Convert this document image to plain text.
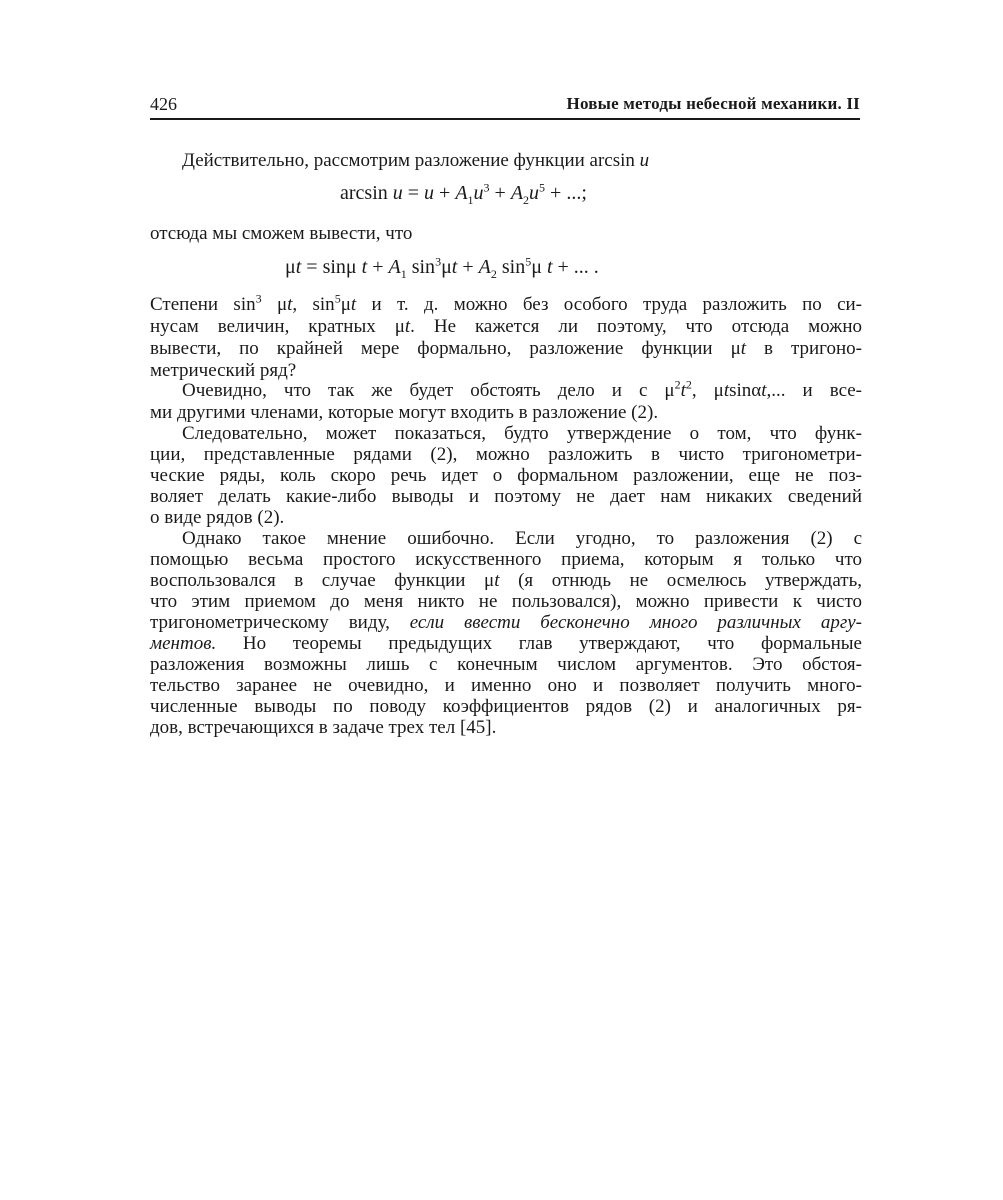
426	Новые методы небесной механики. II
Действительно, рассмотрим разложение функции arcsin u
$\arcsin u = u + A_1u^3 + A_2u^5$ + ...;
отсюда мы сможем вывести, что
μt = sinμ $t + A_1$ $\sin^3\mu t + A_2$ $\sin^5\mu$ t + ... .
Степени $\sin^3 \mu t$, $\sin^5\mu t$ и т. д. можно без особого труда разложить по си-
нусам величин, кратных μt. Не кажется ли поэтому, что отсюда можно
вывести, по крайней мере формально, разложение функции μt в тригоно-
метрический ряд?
Очевидно, что так же будет обстоять дело и с $\mu^2t^2$, μtsinαt,... и все-
ми другими членами, которые могут входить в разложение (2).
Следовательно, может показаться, будто утверждение о том, что функ-
ции, представленные рядами (2), можно разложить в чисто тригонометри-
ческие ряды, коль скоро речь идет о формальном разложении, еще не поз-
воляет делать какие-либо выводы и поэтому не дает нам никаких сведений
о виде рядов (2).
Однако такое мнение ошибочно. Если угодно, то разложения (2) с
помощью весьма простого искусственного приема, которым я только что
воспользовался в случае функции μt (я отнюдь не осмелюсь утверждать,
что этим приемом до меня никто не пользовался), можно привести к чисто
тригонометрическому виду, если ввести бесконечно много различных аргу-
ментов. Но теоремы предыдущих глав утверждают, что формальные
разложения возможны лишь с конечным числом аргументов. Это обстоя-
тельство заранее не очевидно, и именно оно и позволяет получить много-
численные выводы по поводу коэффициентов рядов (2) и аналогичных ря-
дов, встречающихся в задаче трех тел [45].
